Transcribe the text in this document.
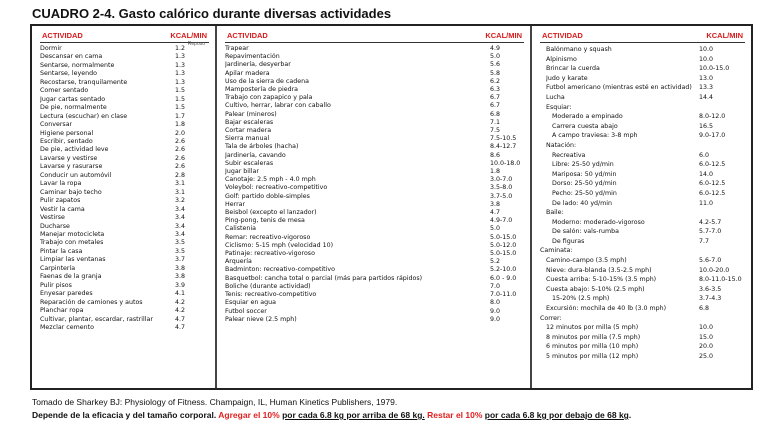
CUADRO 2-4. Gasto calórico durante diversas actividades
ACTIVIDAD	KCAL/MIN
Reposo
Dormir	1.2
Descansar en cama	1.3
Sentarse, normalmente	1.3
Sentarse, leyendo	1.3
Recostarse, tranquilamente	1.3
Comer sentado	1.5
Jugar cartas sentado	1.5
De pie, normalmente	1.5
Lectura (escuchar) en clase	1.7
Conversar	1.8
Higiene personal	2.0
Escribir, sentado	2.6
De pie, actividad leve	2.6
Lavarse y vestirse	2.6
Lavarse y rasurarse	2.6
Conducir un automóvil	2.8
Lavar la ropa	3.1
Caminar bajo techo	3.1
Pulir zapatos	3.2
Vestir la cama	3.4
Vestirse	3.4
Ducharse	3.4
Manejar motocicleta	3.4
Trabajo con metales	3.5
Pintar la casa	3.5
Limpiar las ventanas	3.7
Carpintería	3.8
Faenas de la granja	3.8
Pulir pisos	3.9
Enyesar paredes	4.1
Reparación de camiones y autos	4.2
Planchar ropa	4.2
Cultivar, plantar, escardar, rastrillar	4.7
Mezclar cemento	4.7
ACTIVIDAD	KCAL/MIN
Trapear	4.9
Repavimentación	5.0
Jardinería, desyerbar	5.6
Apilar madera	5.8
Uso de la sierra de cadena	6.2
Mampostería de piedra	6.3
Trabajo con zapapico y pala	6.7
Cultivo, herrar, labrar con caballo	6.7
Palear (mineros)	6.8
Bajar escaleras	7.1
Cortar madera	7.5
Sierra manual	7.5-10.5
Tala de árboles (hacha)	8.4-12.7
Jardinería, cavando	8.6
Subir escaleras	10.0-18.0
Jugar billar	1.8
Canotaje: 2.5 mph - 4.0 mph	3.0-7.0
Voleybol: recreativo-competitivo	3.5-8.0
Golf: partido doble-simples	3.7-5.0
Herrar	3.8
Beisbol (excepto el lanzador)	4.7
Ping-pong, tenis de mesa	4.9-7.0
Calistenia	5.0
Remar: recreativo-vigoroso	5.0-15.0
Ciclismo: 5-15 mph (velocidad 10)	5.0-12.0
Patinaje: recreativo-vigoroso	5.0-15.0
Arquería	5.2
Badminton: recreativo-competitivo	5.2-10.0
Basquetbol: cancha total o parcial (más para partidos rápidos)	6.0 - 9.0
Boliche (durante actividad)	7.0
Tenis: recreativo-competitivo	7.0-11.0
Esquiar en agua	8.0
Futbol soccer	9.0
Palear nieve (2.5 mph)	9.0
ACTIVIDAD	KCAL/MIN
Balónmano y squash	10.0
Alpinismo	10.0
Brincar la cuerda	10.0-15.0
Judo y karate	13.0
Futbol americano (mientras esté en actividad)	13.3
Lucha	14.4
Esquiar:
Moderado a empinado	8.0-12.0
Carrera cuesta abajo	16.5
A campo traviesa: 3-8 mph	9.0-17.0
Natación:
Recreativa	6.0
Libre: 25-50 yd/min	6.0-12.5
Mariposa: 50 yd/min	14.0
Dorso: 25-50 yd/min	6.0-12.5
Pecho: 25-50 yd/min	6.0-12.5
De lado: 40 yd/min	11.0
Baile:
Moderno: moderado-vigoroso	4.2-5.7
De salón: vals-rumba	5.7-7.0
De figuras	7.7
Caminata:
Camino-campo (3.5 mph)	5.6-7.0
Nieve: dura-blanda (3.5-2.5 mph)	10.0-20.0
Cuesta arriba: 5-10-15% (3.5 mph)	8.0-11.0-15.0
Cuesta abajo: 5-10% (2.5 mph)	3.6-3.5
15-20% (2.5 mph)	3.7-4.3
Excursión: mochila de 40 lb (3.0 mph)	6.8
Correr:
12 minutos por milla (5 mph)	10.0
8 minutos por milla (7.5 mph)	15.0
6 minutos por milla (10 mph)	20.0
5 minutos por milla (12 mph)	25.0
Tomado de Sharkey BJ: Physiology of Fitness. Champaign, IL, Human Kinetics Publishers, 1979.
Depende de la eficacia y del tamaño corporal. Agregar el 10% por cada 6.8 kg por arriba de 68 kg. Restar el 10% por cada 6.8 kg por debajo de 68 kg.
